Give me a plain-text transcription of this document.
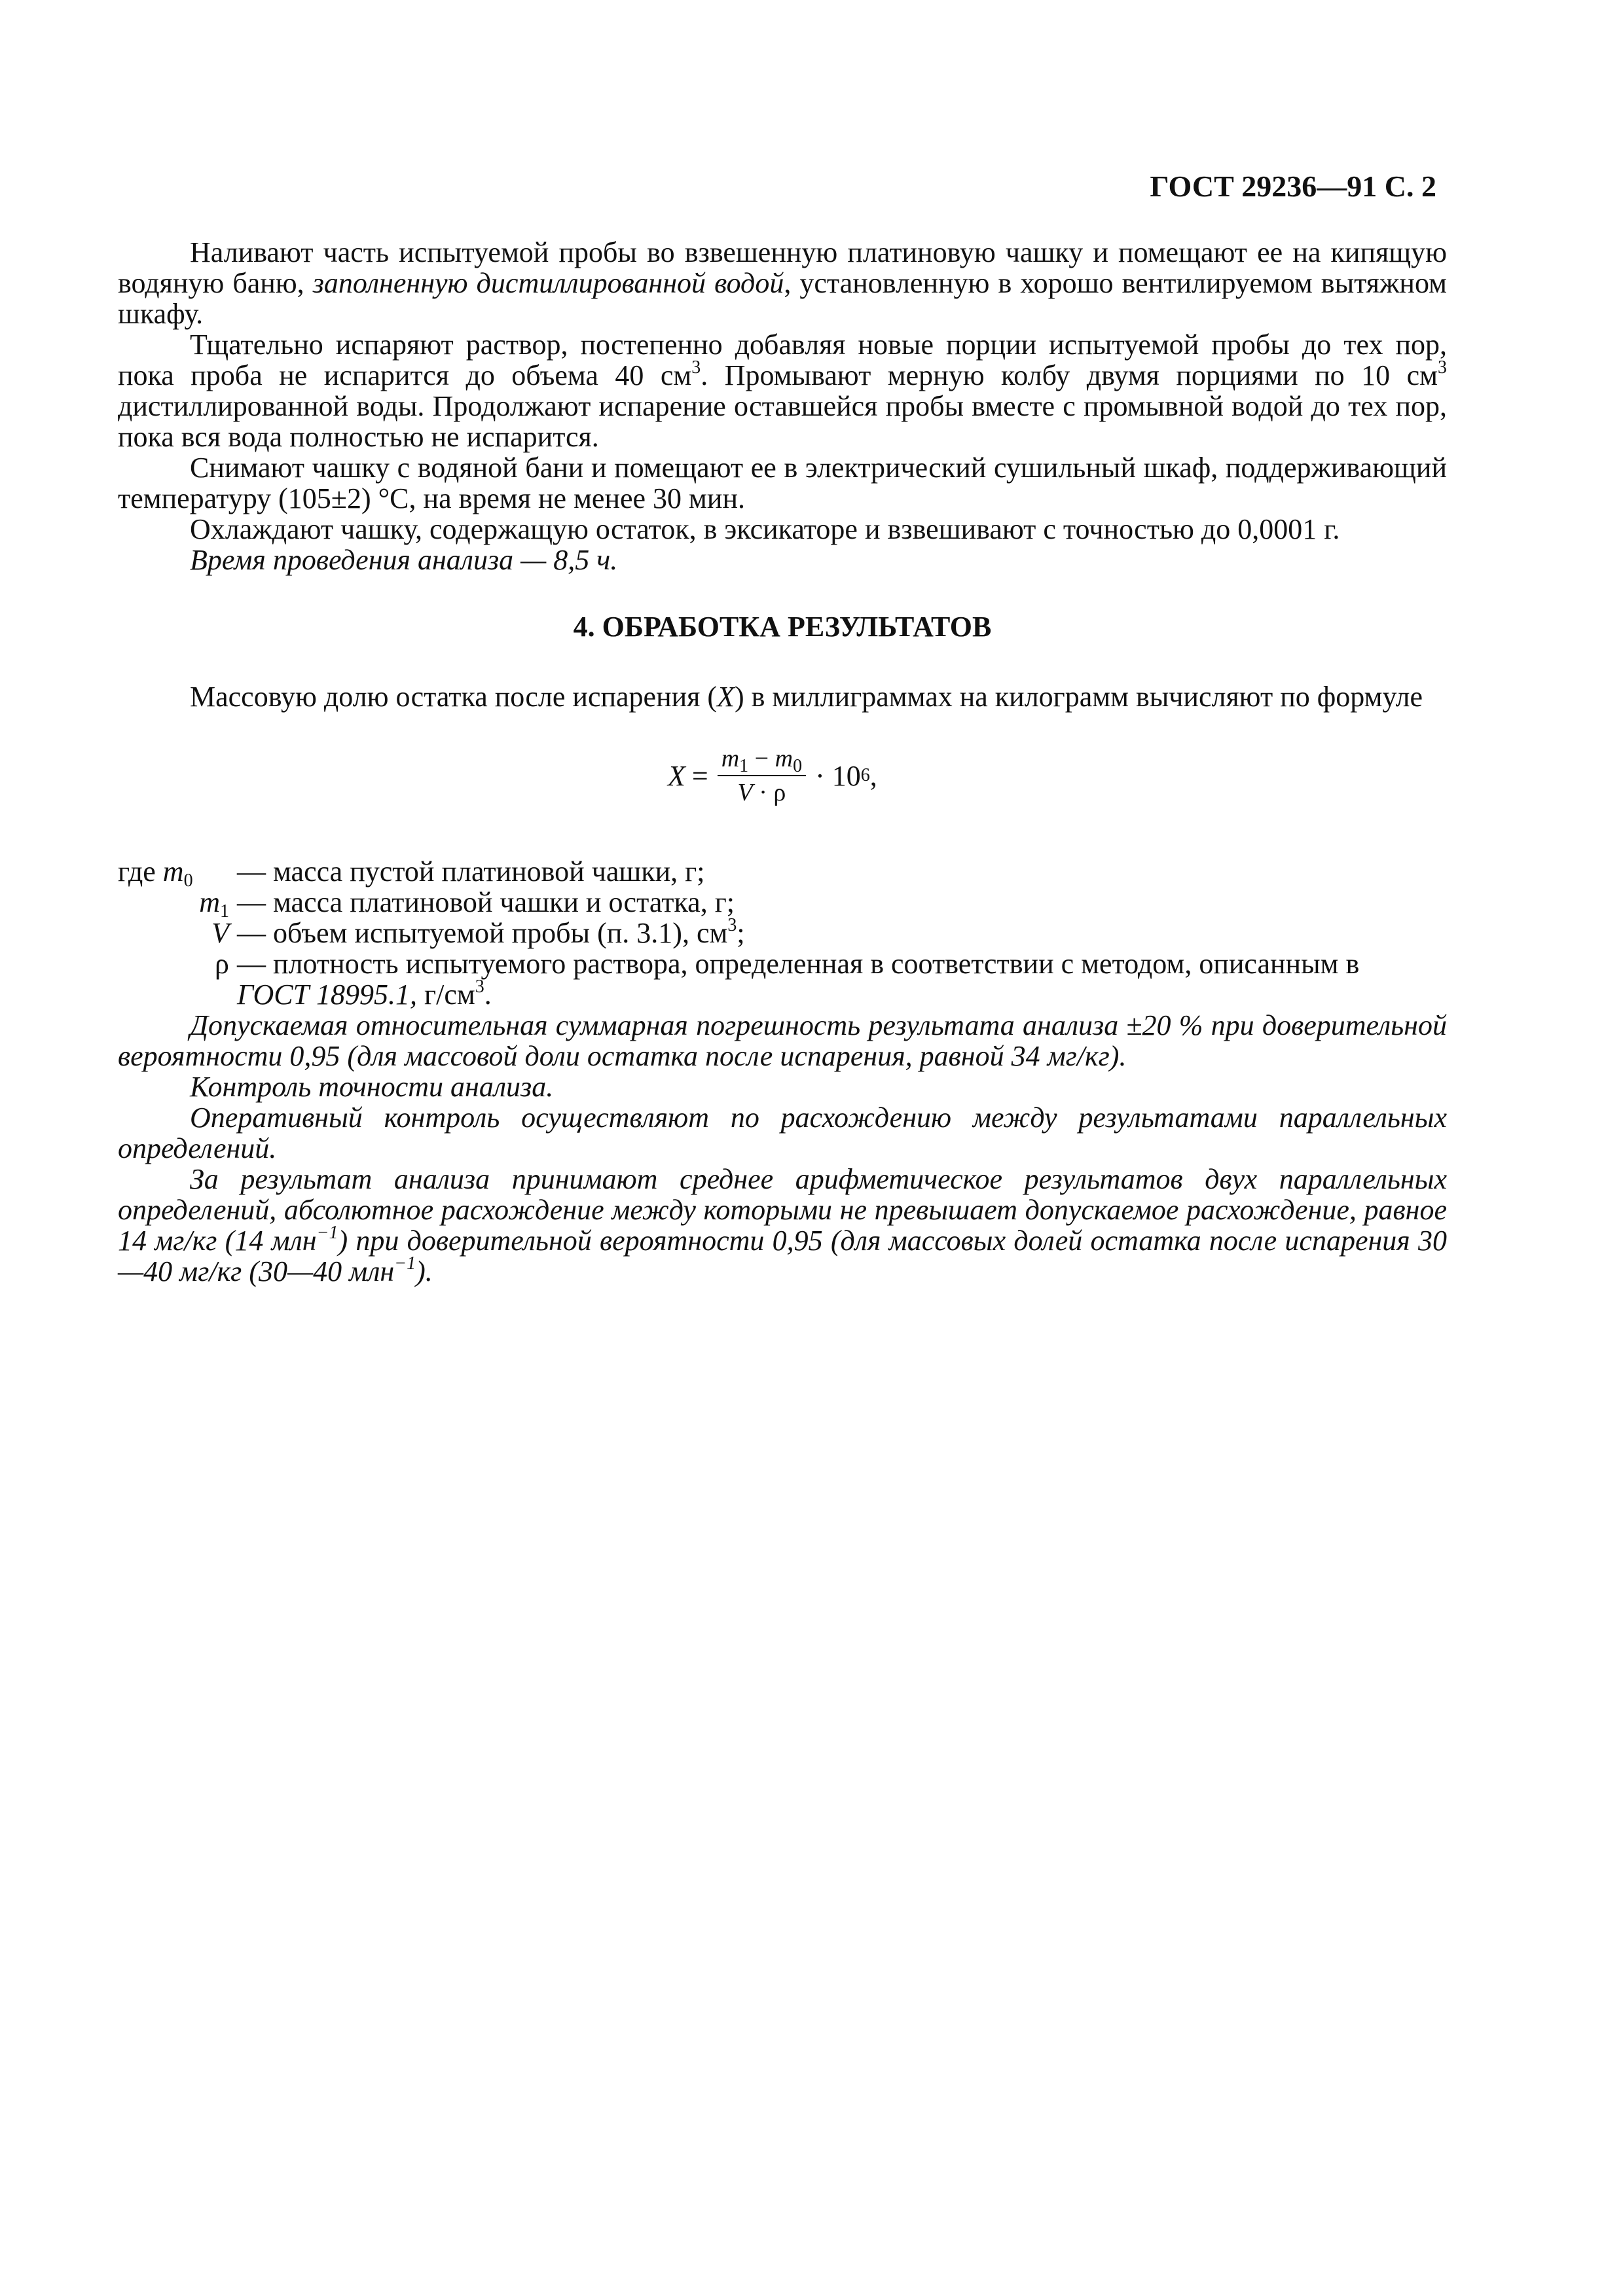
ГОСТ 29236—91 С. 2

Наливают часть испытуемой пробы во взвешенную платиновую чашку и помещают ее на кипящую водяную баню, заполненную дистиллированной водой, установленную в хорошо вентилируемом вытяжном шкафу.

Тщательно испаряют раствор, постепенно добавляя новые порции испытуемой пробы до тех пор, пока проба не испарится до объема 40 $см^3$. Промывают мерную колбу двумя порциями по 10 $см^3$ дистиллированной воды. Продолжают испарение оставшейся пробы вместе с промывной водой до тех пор, пока вся вода полностью не испарится.

Снимают чашку с водяной бани и помещают ее в электрический сушильный шкаф, поддерживающий температуру (105±2) °С, на время не менее 30 мин.

Охлаждают чашку, содержащую остаток, в эксикаторе и взвешивают с точностью до 0,0001 г.

Время проведения анализа — 8,5 ч.

4. ОБРАБОТКА РЕЗУЛЬТАТОВ

Массовую долю остатка после испарения (X) в миллиграммах на килограмм вычисляют по формуле

$X = \frac{m_1 - m_0}{V \cdot \rho} \cdot 10$ 6 ,
где $m_0$	— масса пустой платиновой чашки, г;
$m_1$ — масса платиновой чашки и остатка, г;
V — объем испытуемой пробы (п. 3.1), $см^3$;
ρ — плотность испытуемого раствора, определенная в соответствии с методом, описанным в
ГОСТ 18995.1, $г/см^3$.

Допускаемая относительная суммарная погрешность результата анализа ±20 % при доверительной вероятности 0,95 (для массовой доли остатка после испарения, равной 34 мг/кг).

Контроль точности анализа.

Оперативный контроль осуществляют по расхождению между результатами параллельных определений.

За результат анализа принимают среднее арифметическое результатов двух параллельных определений, абсолютное расхождение между которыми не превышает допускаемое расхождение, равное 14 мг/кг (14 млн$^{-1}$) при доверительной вероятности 0,95 (для массовых долей остатка после испарения 30—40 мг/кг (30—40 млн$^{-1}$).
